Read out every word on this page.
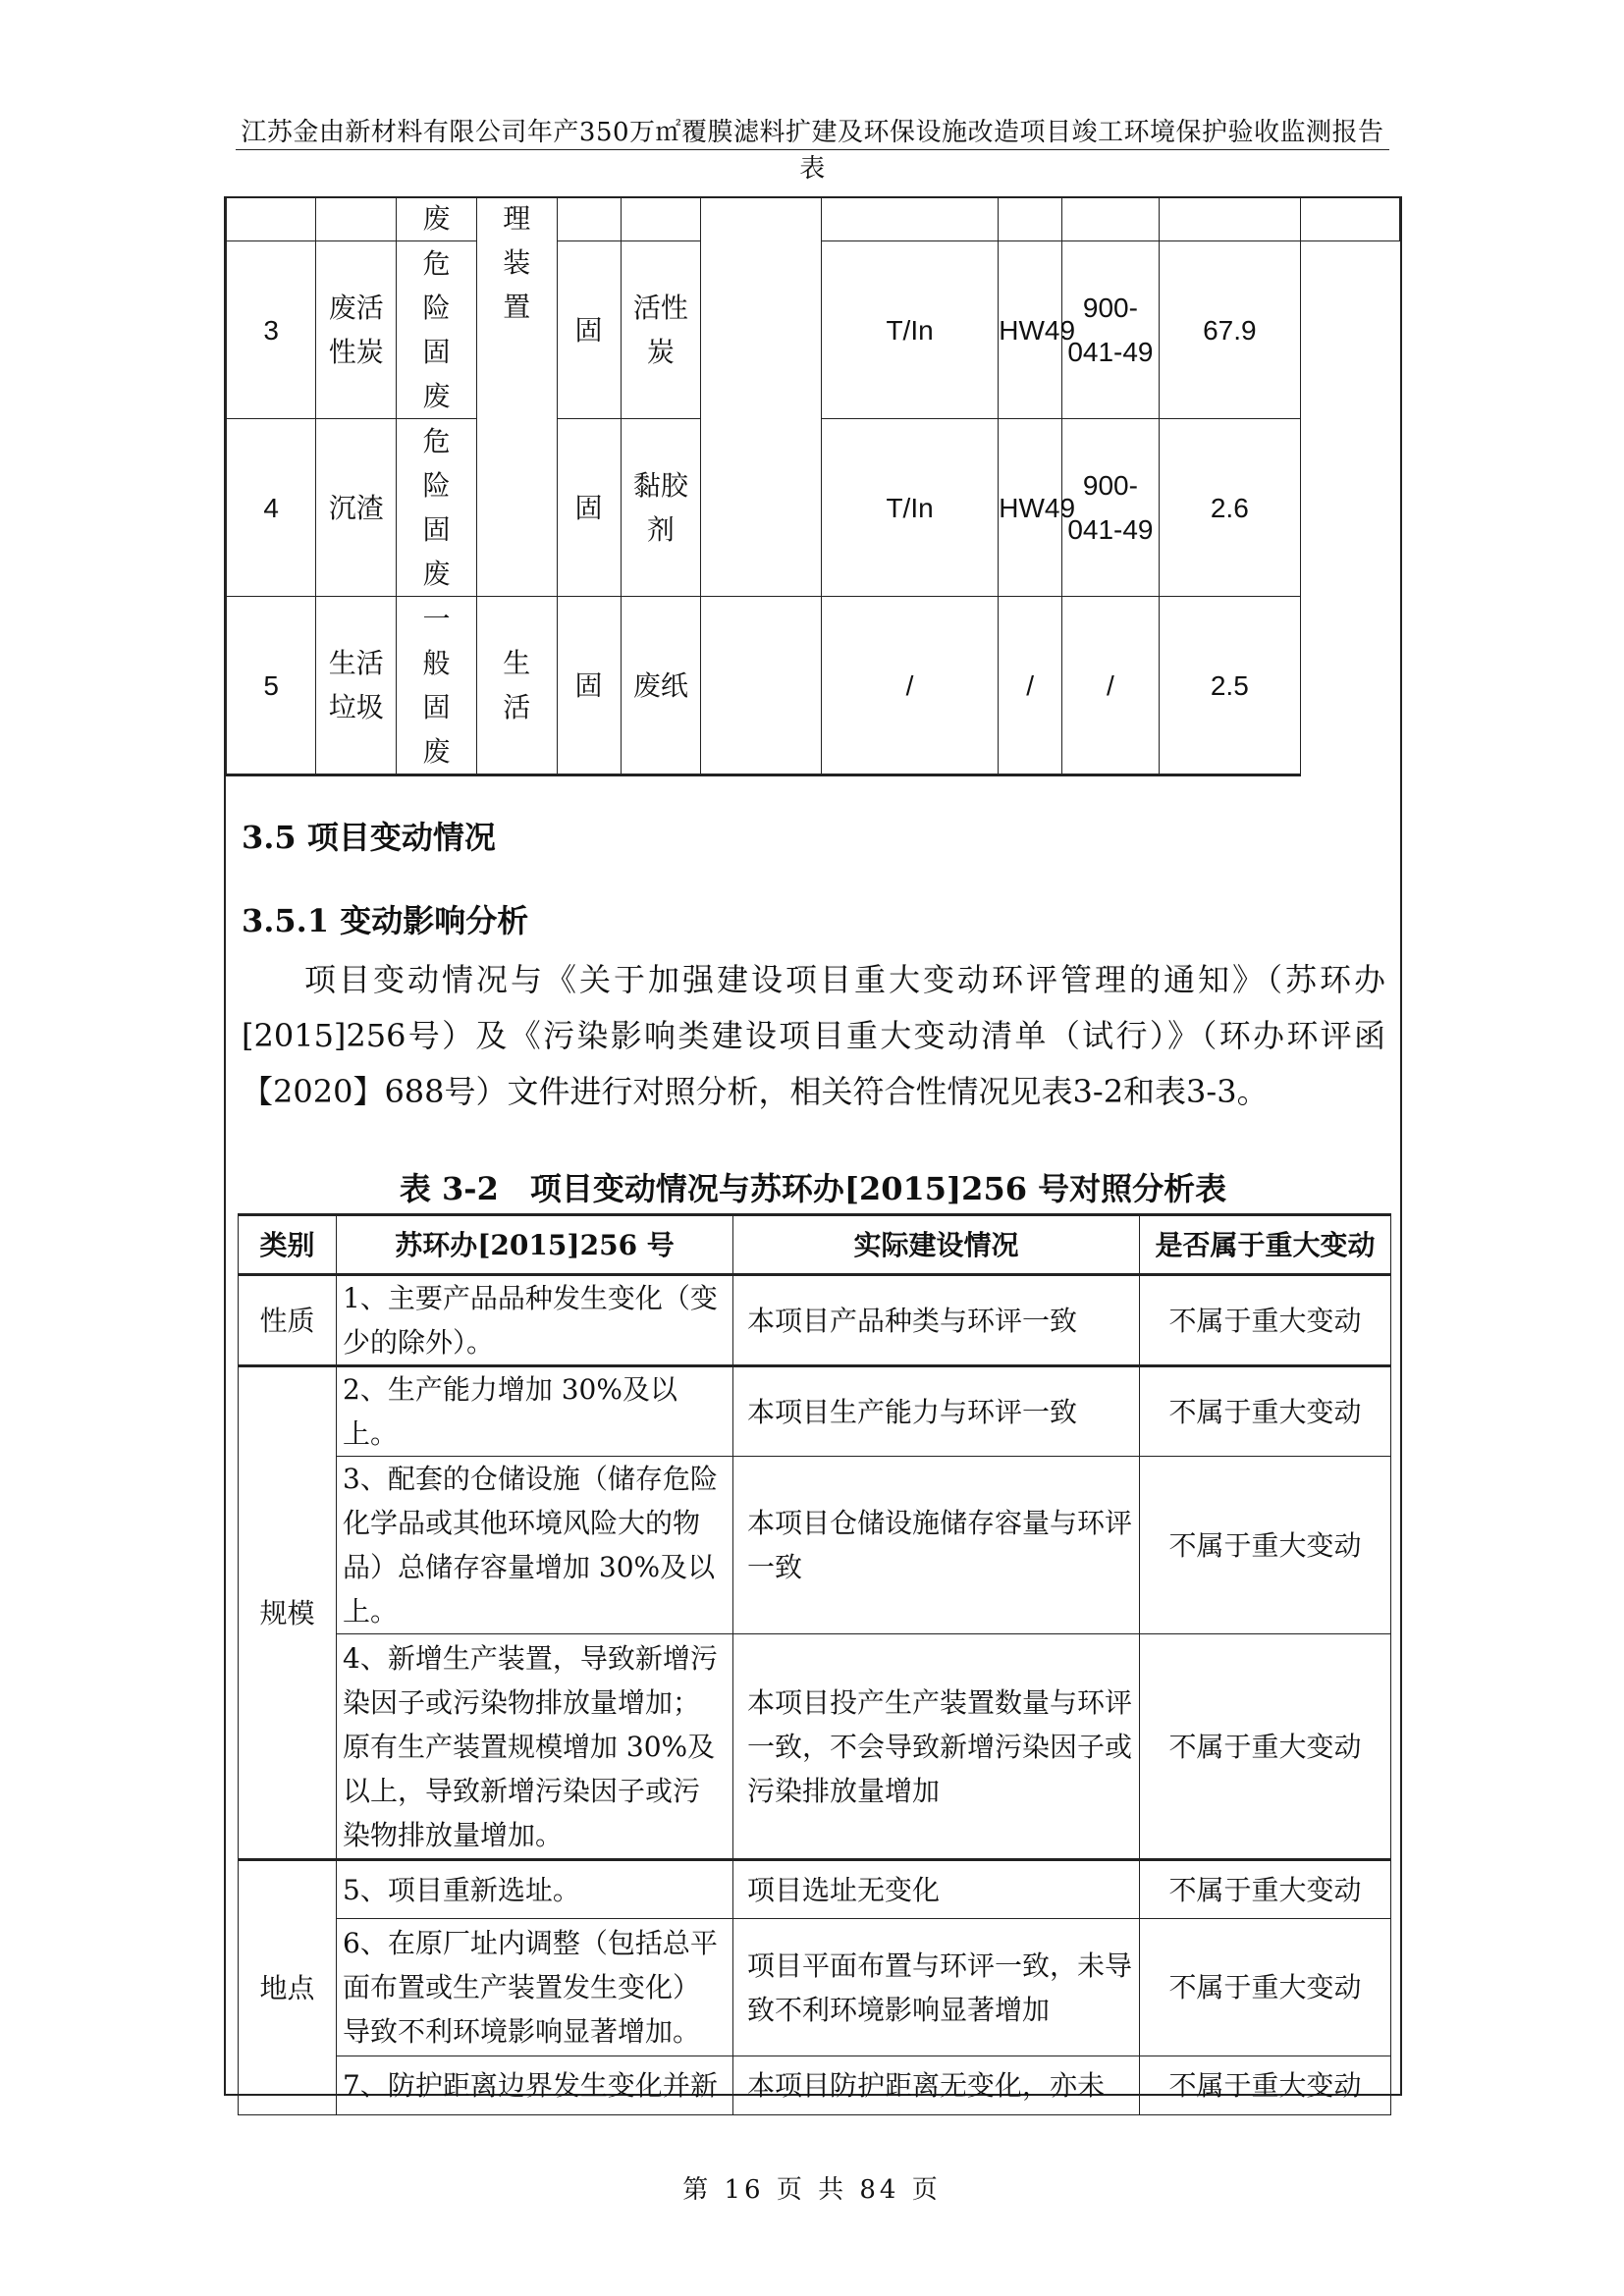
江苏金由新材料有限公司年产350万㎡覆膜滤料扩建及环保设施改造项目竣工环境保护验收监测报告表
		废	理装置								
3	废活性炭	危险固废		固	活性炭		T/In	HW49	900-041-49	67.9	
4	沉渣	危险固废		固	黏胶剂		T/In	HW49	900-041-49	2.6	
5	生活垃圾	一般固废	生活	固	废纸		/	/	/	2.5	
3.5 项目变动情况
3.5.1 变动影响分析
项目变动情况与《关于加强建设项目重大变动环评管理的通知》（苏环办[2015]256号）及《污染影响类建设项目重大变动清单（试行）》（环办环评函【2020】688号）文件进行对照分析，相关符合性情况见表3-2和表3-3。
表 3-2　项目变动情况与苏环办[2015]256 号对照分析表
类别	苏环办[2015]256 号	实际建设情况	是否属于重大变动
性质	1、主要产品品种发生变化（变少的除外）。	本项目产品种类与环评一致	不属于重大变动
规模	2、生产能力增加 30%及以上。	本项目生产能力与环评一致	不属于重大变动
	3、配套的仓储设施（储存危险化学品或其他环境风险大的物品）总储存容量增加 30%及以上。	本项目仓储设施储存容量与环评一致	不属于重大变动
	4、新增生产装置，导致新增污染因子或污染物排放量增加；原有生产装置规模增加 30%及以上，导致新增污染因子或污染物排放量增加。	本项目投产生产装置数量与环评一致，不会导致新增污染因子或污染排放量增加	不属于重大变动
地点	5、项目重新选址。	项目选址无变化	不属于重大变动
	6、在原厂址内调整（包括总平面布置或生产装置发生变化）导致不利环境影响显著增加。	项目平面布置与环评一致，未导致不利环境影响显著增加	不属于重大变动
	7、防护距离边界发生变化并新	本项目防护距离无变化，亦未	不属于重大变动
第 16 页 共 84 页
